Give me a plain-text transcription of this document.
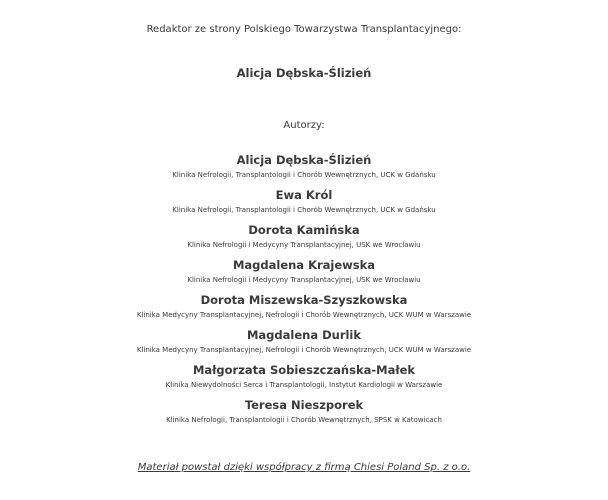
Redaktor ze strony Polskiego Towarzystwa Transplantacyjnego:
Alicja Dębska-Ślizień
Autorzy:
Alicja Dębska-Ślizień
Klinika Nefrologii, Transplantologii i Chorób Wewnętrznych, UCK w Gdańsku
Ewa Król
Klinika Nefrologii, Transplantologii i Chorób Wewnętrznych, UCK w Gdańsku
Dorota Kamińska
Klinika Nefrologii i Medycyny Transplantacyjnej, USK we Wrocławiu
Magdalena Krajewska
Klinika Nefrologii i Medycyny Transplantacyjnej, USK we Wrocławiu
Dorota Miszewska-Szyszkowska
Klinika Medycyny Transplantacyjnej, Nefrologii i Chorób Wewnętrznych, UCK WUM w Warszawie
Magdalena Durlik
Klinika Medycyny Transplantacyjnej, Nefrologii i Chorób Wewnętrznych, UCK WUM w Warszawie
Małgorzata Sobieszczańska-Małek
Klinika Niewydolności Serca i Transplantologii, Instytut Kardiologii w Warszawie
Teresa Nieszporek
Klinika Nefrologii, Transplantologii i Chorób Wewnętrznych, SPSK w Katowicach
Materiał powstał dzięki współpracy z firmą Chiesi Poland Sp. z o.o.
